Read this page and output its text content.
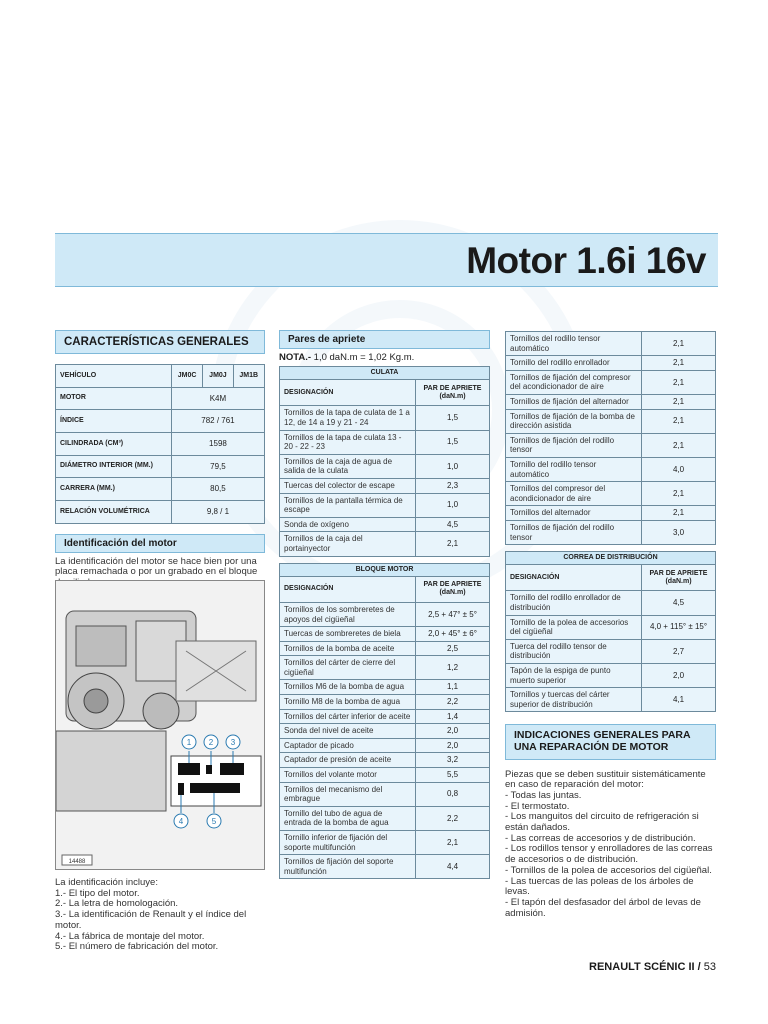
Motor 1.6i 16v
CARACTERÍSTICAS GENERALES
VEHÍCULO	JM0C	JM0J	JM1B
MOTOR	K4M		
ÍNDICE	782 / 761		
CILINDRADA (CM³)	1598		
DIÁMETRO INTERIOR (MM.)	79,5		
CARRERA (MM.)	80,5		
RELACIÓN VOLUMÉTRICA	9,8 / 1		
Identificación del motor

La identificación del motor se hace bien por una placa remachada o por un grabado en el bloque

1 2 3
4	5
14488

La identificación incluye:

1.- El tipo del motor.
2.- La letra de homologación.
3.- La identificación de Renault y el índice del motor.
4.- La fábrica de montaje del motor.
5.- El número de fabricación del motor.
Pares de apriete

NOTA.- 1,0 daN.m = 1,02 Kg.m.

CULATA	
DESIGNACIÓN	PAR DE APRIETE (daN.m)
Tornillos de la tapa de culata de 1 a 12, de 14 a 19 y 21 - 24	1,5
Tornillos de la tapa de culata 13 - 20 - 22 - 23	1,5
Tornillos de la caja de agua de salida de la culata	1,0
Tuercas del colector de escape	2,3
Tornillos de la pantalla térmica de escape	1,0
Sonda de oxígeno	4,5
Tornillos de la caja del portainyector	2,1
BLOQUE MOTOR	
DESIGNACIÓN	PAR DE APRIETE (daN.m)
Tornillos de los sombreretes de apoyos del cigüeñal	2,5 + 47° ± 5°
Tuercas de sombreretes de biela	2,0 + 45° ± 6°
Tornillos de la bomba de aceite	2,5
Tornillos del cárter de cierre del cigüeñal	1,2
Tornillos M6 de la bomba de agua	1,1
Tornillo M8 de la bomba de agua	2,2
Tornillos del cárter inferior de aceite	1,4
Sonda del nivel de aceite	2,0
Captador de picado	2,0
Captador de presión de aceite	3,2
Tornillos del volante motor	5,5
Tornillos del mecanismo del embrague	0,8
Tornillo del tubo de agua de entrada de la bomba de agua	2,2
Tornillo inferior de fijación del soporte multifunción	2,1
Tornillos de fijación del soporte multifunción	4,4
Tornillos del rodillo tensor automático	2,1
Tornillo del rodillo enrollador	2,1
Tornillos de fijación del compresor del acondicionador de aire	2,1
Tornillos de fijación del alternador	2,1
Tornillos de fijación de la bomba de dirección asistida	2,1
Tornillos de fijación del rodillo tensor	2,1
Tornillo del rodillo tensor automático	4,0
Tornillos del compresor del acondicionador de aire	2,1
Tornillos del alternador	2,1
Tornillos de fijación del rodillo tensor	3,0
CORREA DE DISTRIBUCIÓN	
DESIGNACIÓN	PAR DE APRIETE (daN.m)
Tornillo del rodillo enrollador de distribución	4,5
Tornillo de la polea de accesorios del cigüeñal	4,0 + 115° ± 15°
Tuerca del rodillo tensor de distribución	2,7
Tapón de la espiga de punto muerto superior	2,0
Tornillos y tuercas del cárter superior de distribución	4,1
INDICACIONES GENERALES PARA UNA REPARACIÓN DE MOTOR

Piezas que se deben sustituir sistemáticamente en caso de reparación del motor:

- Todas las juntas.
- El termostato.
- Los manguitos del circuito de refrigeración si están dañados.
- Las correas de accesorios y de distribución.
- Los rodillos tensor y enrolladores de las correas de accesorios o de distribución.
- Tornillos de la polea de accesorios del cigüeñal.
- Las tuercas de las poleas de los árboles de levas.
- El tapón del desfasador del árbol de levas de admisión.
RENAULT SCÉNIC II / 53
